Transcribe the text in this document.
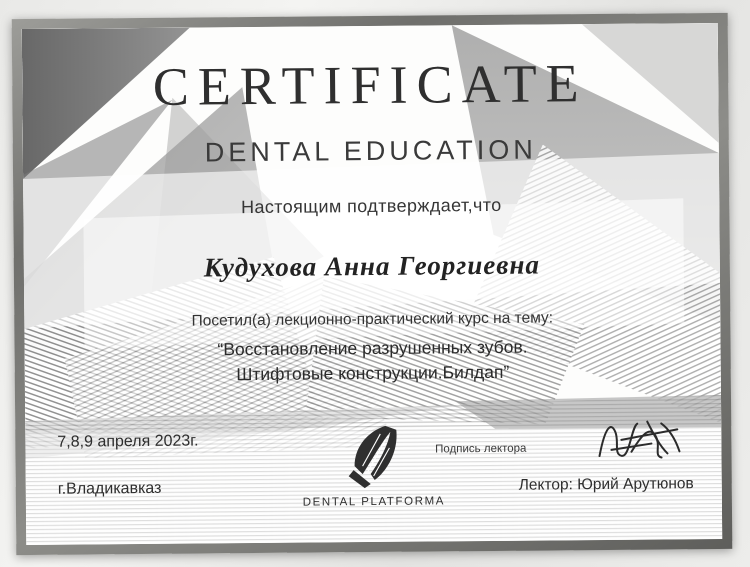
CERTIFICATE
DENTAL EDUCATION
Настоящим подтверждает,что
Кудухова Анна Георгиевна
Посетил(а) лекционно-практический курс на тему:
“Восстановление разрушенных зубов.
Штифтовые конструкции.Билдап”
7,8,9 апреля 2023г.
г.Владикавказ
Подпись лектора
Лектор: Юрий Арутюнов
DENTAL PLATFORMA
